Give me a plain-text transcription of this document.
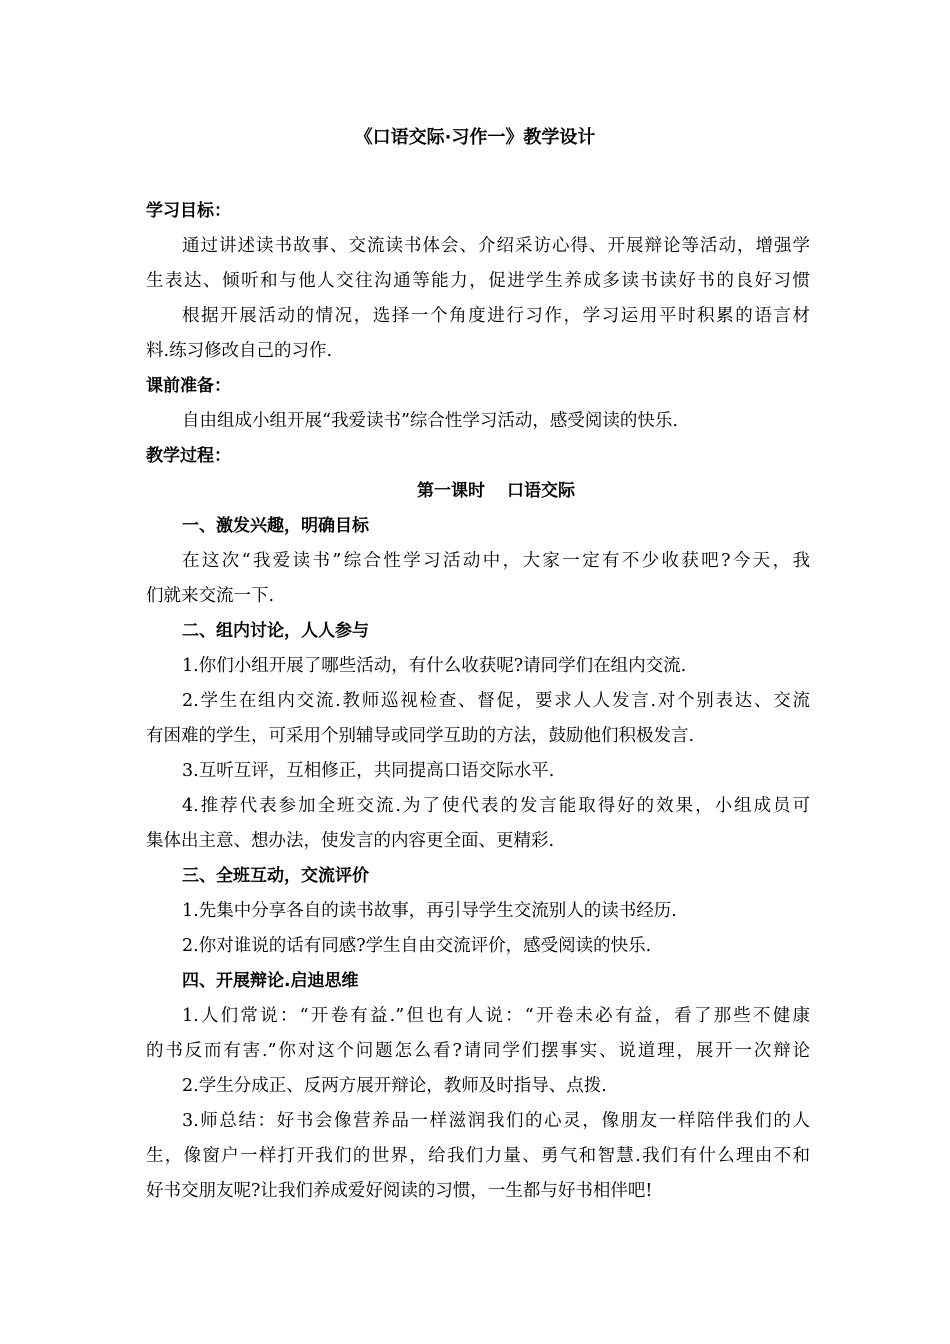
《口语交际·习作一》教学设计
学习目标：
通过讲述读书故事、交流读书体会、介绍采访心得、开展辩论等活动，增强学
生表达、倾听和与他人交往沟通等能力，促进学生养成多读书读好书的良好习惯
根据开展活动的情况，选择一个角度进行习作，学习运用平时积累的语言材
料.练习修改自己的习作.
课前准备：
自由组成小组开展“我爱读书”综合性学习活动，感受阅读的快乐.
教学过程：
第一课时 口语交际
一、激发兴趣，明确目标
在这次“我爱读书”综合性学习活动中，大家一定有不少收获吧?今天，我
们就来交流一下.
二、组内讨论，人人参与
1.你们小组开展了哪些活动，有什么收获呢?请同学们在组内交流.
2.学生在组内交流.教师巡视检查、督促，要求人人发言.对个别表达、交流
有困难的学生，可采用个别辅导或同学互助的方法，鼓励他们积极发言.
3.互听互评，互相修正，共同提高口语交际水平.
4.推荐代表参加全班交流.为了使代表的发言能取得好的效果，小组成员可
集体出主意、想办法，使发言的内容更全面、更精彩.
三、全班互动，交流评价
1.先集中分享各自的读书故事，再引导学生交流别人的读书经历.
2.你对谁说的话有同感?学生自由交流评价，感受阅读的快乐.
四、开展辩论.启迪思维
1.人们常说：“开卷有益.”但也有人说：“开卷未必有益，看了那些不健康
的书反而有害.”你对这个问题怎么看?请同学们摆事实、说道理，展开一次辩论
2.学生分成正、反两方展开辩论，教师及时指导、点拨.
3.师总结：好书会像营养品一样滋润我们的心灵，像朋友一样陪伴我们的人
生，像窗户一样打开我们的世界，给我们力量、勇气和智慧.我们有什么理由不和
好书交朋友呢?让我们养成爱好阅读的习惯，一生都与好书相伴吧!
